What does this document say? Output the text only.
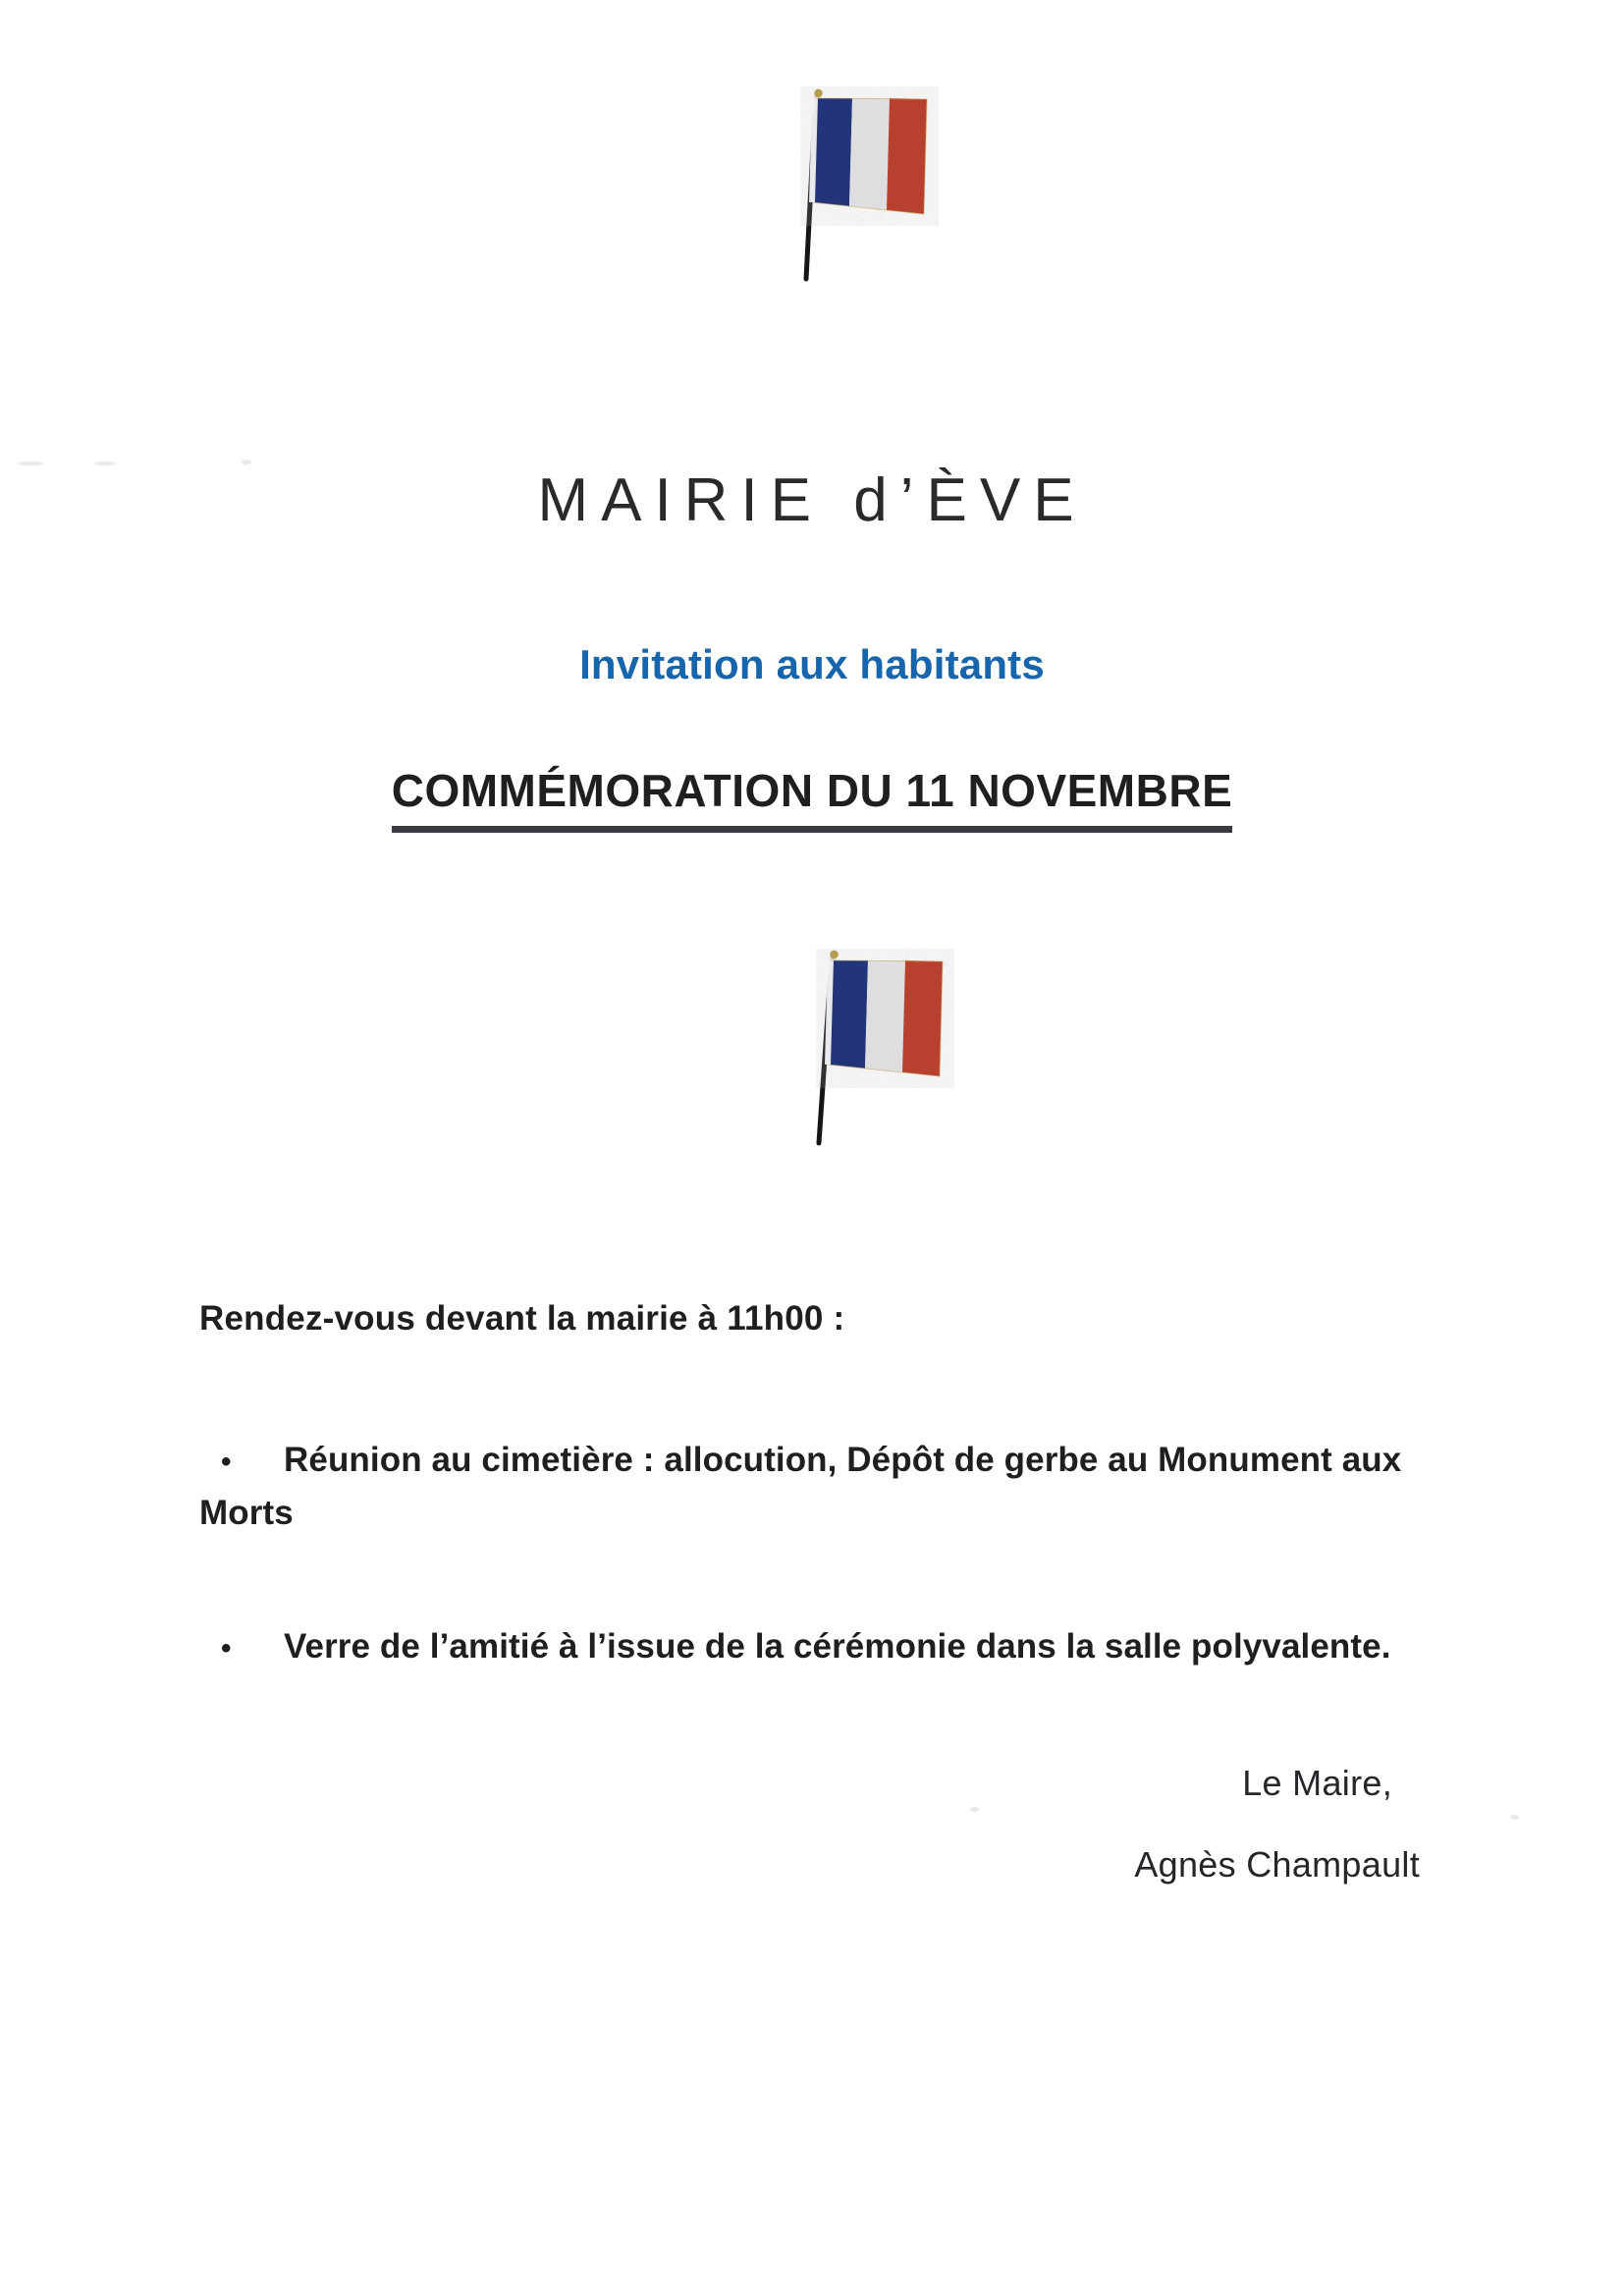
MAIRIE d’ÈVE
Invitation aux habitants
COMMÉMORATION DU 11 NOVEMBRE

Rendez-vous devant la mairie à 11h00 :

• Réunion au cimetière : allocution, Dépôt de gerbe au Monument aux Morts

• Verre de l’amitié à l’issue de la cérémonie dans la salle polyvalente.

Le Maire,
Agnès Champault
